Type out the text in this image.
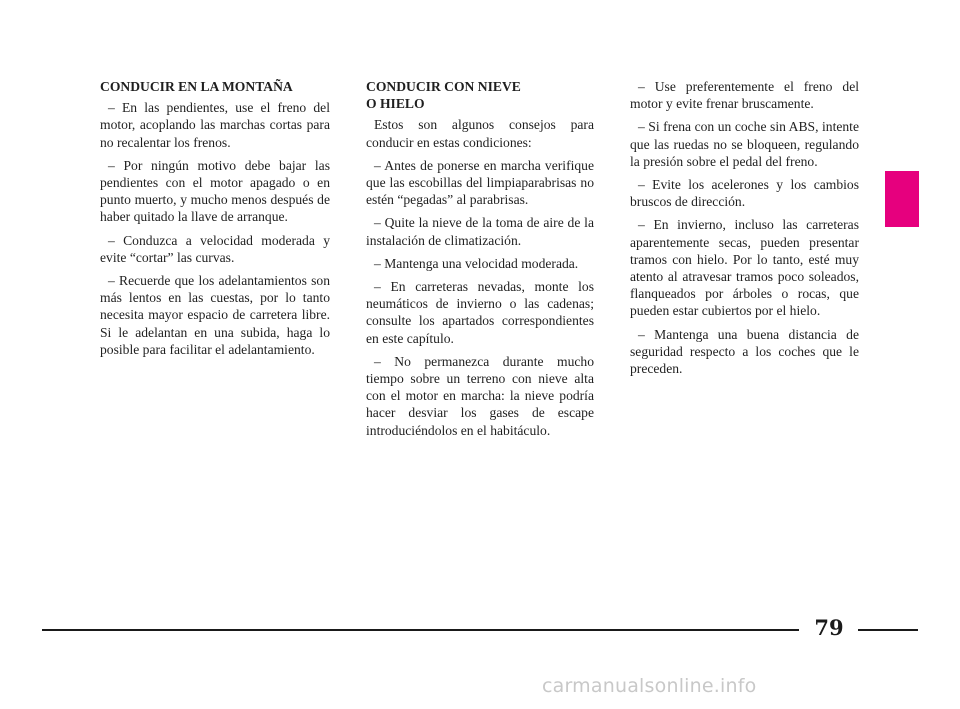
CONDUCIR EN LA MONTAÑA

– En las pendientes, use el freno del motor, acoplando las marchas cortas para no recalentar los frenos.

– Por ningún motivo debe bajar las pendientes con el motor apagado o en punto muerto, y mucho menos después de haber quitado la llave de arranque.

– Conduzca a velocidad moderada y evite “cortar” las curvas.

– Recuerde que los adelantamientos son más lentos en las cuestas, por lo tanto necesita mayor espacio de carretera libre. Si le adelantan en una subida, haga lo posible para facilitar el adelantamiento.

CONDUCIR CON NIEVE
O HIELO

Estos son algunos consejos para conducir en estas condiciones:

– Antes de ponerse en marcha verifique que las escobillas del limpiaparabrisas no estén “pegadas” al parabrisas.

– Quite la nieve de la toma de aire de la instalación de climatización.

– Mantenga una velocidad moderada.

– En carreteras nevadas, monte los neumáticos de invierno o las cadenas; consulte los apartados correspondientes en este capítulo.

– No permanezca durante mucho tiempo sobre un terreno con nieve alta con el motor en marcha: la nieve podría hacer desviar los gases de escape introduciéndolos en el habitáculo.

– Use preferentemente el freno del motor y evite frenar bruscamente.

– Si frena con un coche sin ABS, intente que las ruedas no se bloqueen, regulando la presión sobre el pedal del freno.

– Evite los acelerones y los cambios bruscos de dirección.

– En invierno, incluso las carreteras aparentemente secas, pueden presentar tramos con hielo. Por lo tanto, esté muy atento al atravesar tramos poco soleados, flanqueados por árboles o rocas, que pueden estar cubiertos por el hielo.

– Mantenga una buena distancia de seguridad respecto a los coches que le preceden.

79
carmanualsonline.info
